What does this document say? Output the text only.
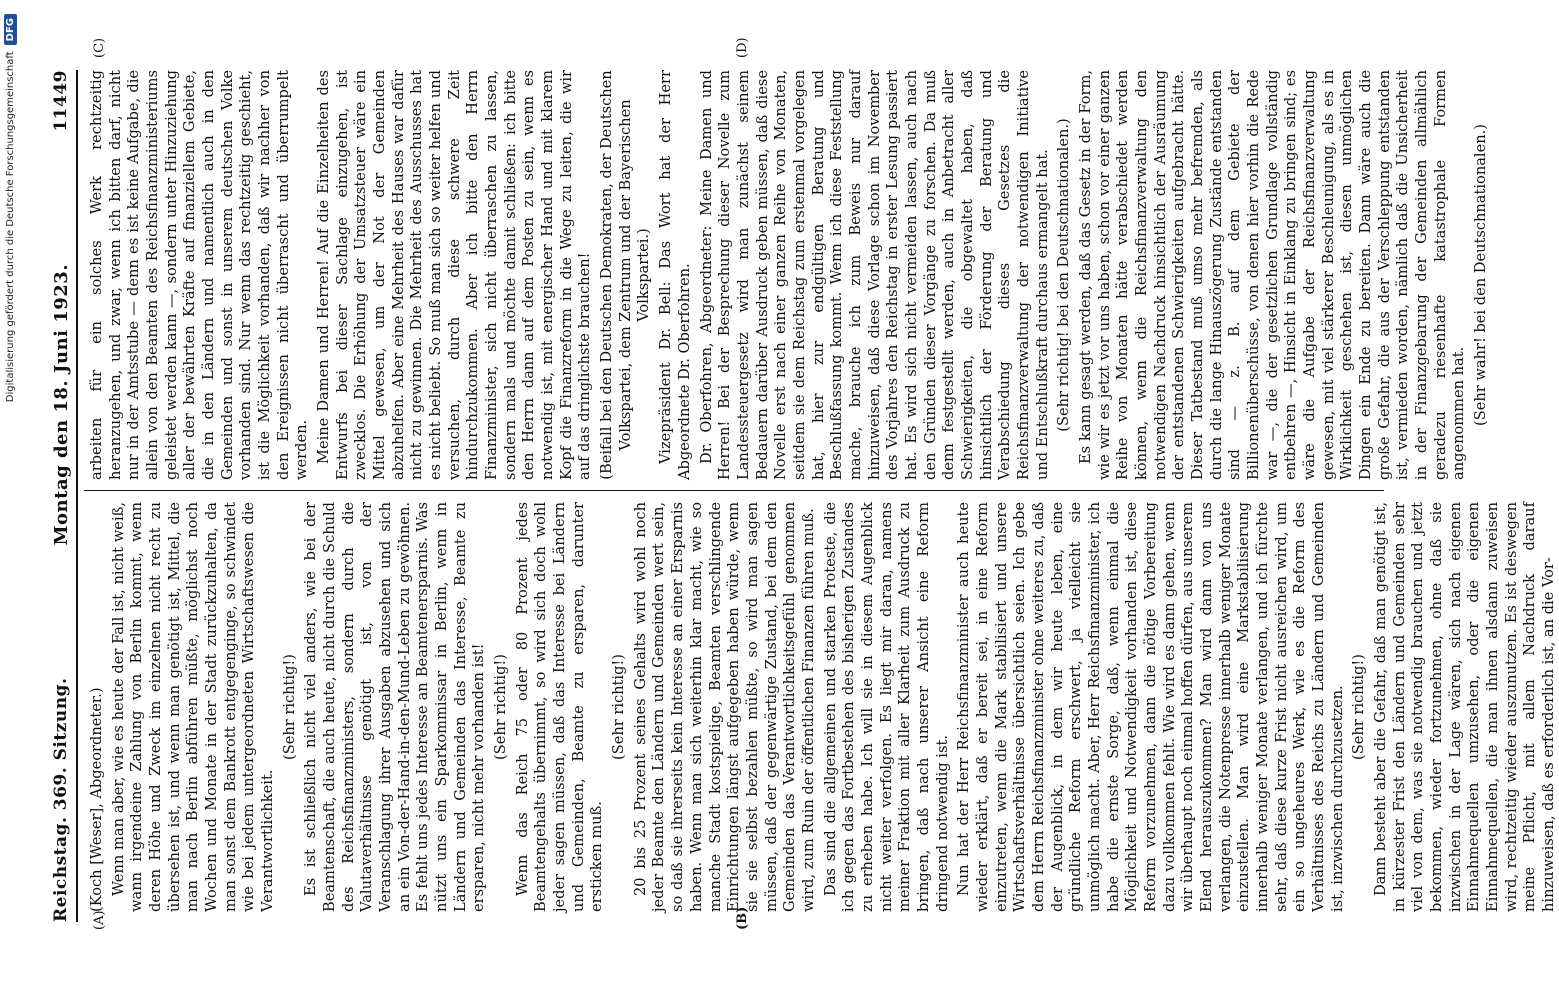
Digitalisierung gefördert durch die Deutsche Forschungsgemeinschaft
DFG
Reichstag. 369. Sitzung.
Montag den 18. Juni 1923.
11449
(A)	(B)
(C)	(D)

(Koch [Weser], Abgeordneter.) Wenn man aber, wie es heute der Fall ist, nicht weiß, wann irgendeine Zahlung von Berlin kommt, wenn deren Höhe und Zweck im einzelnen nicht recht zu übersehen ist, und wenn man genötigt ist, Mittel, die man nach Berlin abführen müßte, möglichst noch Wochen und Monate in der Stadt zurückzuhalten, da man sonst dem Bankrott entgegenginge, so schwindet wie bei jedem untergeordneten Wirtschaftswesen die Verantwortlichkeit.

(Sehr richtig!) Es ist schließlich nicht viel anders, wie bei der Beamtenschaft, die auch heute, nicht durch die Schuld des Reichsfinanzministers, sondern durch die Valutaverhältnisse genötigt ist, von der Veranschlagung ihrer Ausgaben abzusehen und sich an ein Von-der-Hand-in-den-Mund-Leben zu gewöhnen. Es fehlt uns jedes Interesse an Beamtenersparnis. Was nützt uns ein Sparkommissar in Berlin, wenn in Ländern und Gemeinden das Interesse, Beamte zu ersparen, nicht mehr vorhanden ist! (Sehr richtig!) Wenn das Reich 75 oder 80 Prozent jedes Beamtengehalts übernimmt, so wird sich doch wohl jeder sagen müssen, daß das Interesse bei Ländern und Gemeinden, Beamte zu ersparen, darunter ersticken muß.

(Sehr richtig!) 20 bis 25 Prozent seines Gehalts wird wohl noch jeder Beamte den Ländern und Gemeinden wert sein, so daß sie ihrerseits kein Interesse an einer Ersparnis haben. Wenn man sich weiterhin klar macht, wie so manche Stadt kostspielige, Beamten verschlingende Einrichtungen längst aufgegeben haben würde, wenn sie sie selbst bezahlen müßte, so wird man sagen müssen, daß der gegenwärtige Zustand, bei dem den Gemeinden das Verantwortlichkeitsgefühl genommen wird, zum Ruin der öffentlichen Finanzen führen muß. Das sind die allgemeinen und starken Proteste, die ich gegen das Fortbestehen des bisherigen Zustandes zu erheben habe. Ich will sie in diesem Augenblick nicht weiter verfolgen. Es liegt mir daran, namens meiner Fraktion mit aller Klarheit zum Ausdruck zu bringen, daß nach unserer Ansicht eine Reform dringend notwendig ist. Nun hat der Herr Reichsfinanzminister auch heute wieder erklärt, daß er bereit sei, in eine Reform einzutreten, wenn die Mark stabilisiert und unsere Wirtschaftsverhältnisse übersichtlich seien. Ich gebe dem Herrn Reichsfinanzminister ohne weiteres zu, daß der Augenblick, in dem wir heute leben, eine gründliche Reform erschwert, ja vielleicht sie unmöglich macht. Aber, Herr Reichsfinanzminister, ich habe die ernste Sorge, daß, wenn einmal die Möglichkeit und Notwendigkeit vorhanden ist, diese Reform vorzunehmen, dann die nötige Vorbereitung dazu vollkommen fehlt. Wie wird es dann gehen, wenn wir überhaupt noch einmal hoffen dürfen, aus unserem Elend herauszukommen? Man wird dann von uns verlangen, die Notenpresse innerhalb weniger Monate einzustellen. Man wird eine Markstabilisierung innerhalb weniger Monate verlangen, und ich fürchte sehr, daß diese kurze Frist nicht ausreichen wird, um ein so ungeheures Werk, wie es die Reform des Verhältnisses des Reichs zu Ländern und Gemeinden ist, inzwischen durchzusetzen. (Sehr richtig!) Dann besteht aber die Gefahr, daß man genötigt ist, in kürzester Frist den Ländern und Gemeinden sehr viel von dem, was sie notwendig brauchen und jetzt bekommen, wieder fortzunehmen, ohne daß sie inzwischen in der Lage wären, sich nach eigenen Einnahmequellen umzusehen, oder die eigenen Einnahmequellen, die man ihnen alsdann zuweisen wird, rechtzeitig wieder auszunutzen. Es ist deswegen meine Pflicht, mit allem Nachdruck darauf hinzuweisen, daß es erforderlich ist, an die Vor-

arbeiten für ein solches Werk rechtzeitig heranzugehen, und zwar, wenn ich bitten darf, nicht nur in der Amtsstube — denn es ist keine Aufgabe, die allein von den Beamten des Reichsfinanzministeriums geleistet werden kann —, sondern unter Hinzuziehung aller der bewährten Kräfte auf finanziellem Gebiete, die in den Ländern und namentlich auch in den Gemeinden und sonst in unserem deutschen Volke vorhanden sind. Nur wenn das rechtzeitig geschieht, ist die Möglichkeit vorhanden, daß wir nachher von den Ereignissen nicht überrascht und überrumpelt werden. Meine Damen und Herren! Auf die Einzelheiten des Entwurfs bei dieser Sachlage einzugehen, ist zwecklos. Die Erhöhung der Umsatzsteuer wäre ein Mittel gewesen, um der Not der Gemeinden abzuhelfen. Aber eine Mehrheit des Hauses war dafür nicht zu gewinnen. Die Mehrheit des Ausschusses hat es nicht beliebt. So muß man sich so weiter helfen und versuchen, durch diese schwere Zeit hindurchzukommen. Aber ich bitte den Herrn Finanzminister, sich nicht überraschen zu lassen, sondern mals und möchte damit schließen: ich bitte den Herrn dann auf dem Posten zu sein, wenn es notwendig ist, mit energischer Hand und mit klarem Kopf die Finanzreform in die Wege zu leiten, die wir auf das dringlichste brauchen! (Beifall bei den Deutschen Demokraten, der Deutschen Volkspartei, dem Zentrum und der Bayerischen Volkspartei.) Vizepräsident Dr. Bell: Das Wort hat der Herr Abgeordnete Dr. Oberfohren. Dr. Oberfohren, Abgeordneter: Meine Damen und Herren! Bei der Besprechung dieser Novelle zum Landessteuergesetz wird man zunächst seinem Bedauern darüber Ausdruck geben müssen, daß diese Novelle erst nach einer ganzen Reihe von Monaten, seitdem sie dem Reichstag zum erstenmal vorgelegen hat, hier zur endgültigen Beratung und Beschlußfassung kommt. Wenn ich diese Feststellung mache, brauche ich zum Beweis nur darauf hinzuweisen, daß diese Vorlage schon im November des Vorjahres den Reichstag in erster Lesung passiert hat. Es wird sich nicht vermeiden lassen, auch nach den Gründen dieser Vorgänge zu forschen. Da muß denn festgestellt werden, auch in Anbetracht aller Schwierigkeiten, die obgewaltet haben, daß hinsichtlich der Förderung der Beratung und Verabschiedung dieses Gesetzes die Reichsfinanzverwaltung der notwendigen Initiative und Entschlußkraft durchaus ermangelt hat. (Sehr richtig! bei den Deutschnationalen.) Es kann gesagt werden, daß das Gesetz in der Form, wie wir es jetzt vor uns haben, schon vor einer ganzen Reihe von Monaten hätte verabschiedet werden können, wenn die Reichsfinanzverwaltung den notwendigen Nachdruck hinsichtlich der Ausräumung der entstandenen Schwierigkeiten aufgebracht hätte. Dieser Tatbestand muß umso mehr befremden, als durch die lange Hinauszögerung Zustände entstanden sind — z. B. auf dem Gebiete der Billionenüberschüsse, von denen hier vorhin die Rede war —, die der gesetzlichen Grundlage vollständig entbehren —, Hinsicht in Einklang zu bringen sind; es wäre die Aufgabe der Reichsfinanzverwaltung gewesen, mit viel stärkerer Beschleunigung, als es in Wirklichkeit geschehen ist, diesen unmöglichen Dingen ein Ende zu bereiten. Dann wäre auch die große Gefahr, die aus der Verschleppung entstanden ist, vermieden worden, nämlich daß die Unsicherheit in der Finanzgebarung der Gemeinden allmählich geradezu riesenhafte katastrophale Formen angenommen hat. (Sehr wahr! bei den Deutschnationalen.)
